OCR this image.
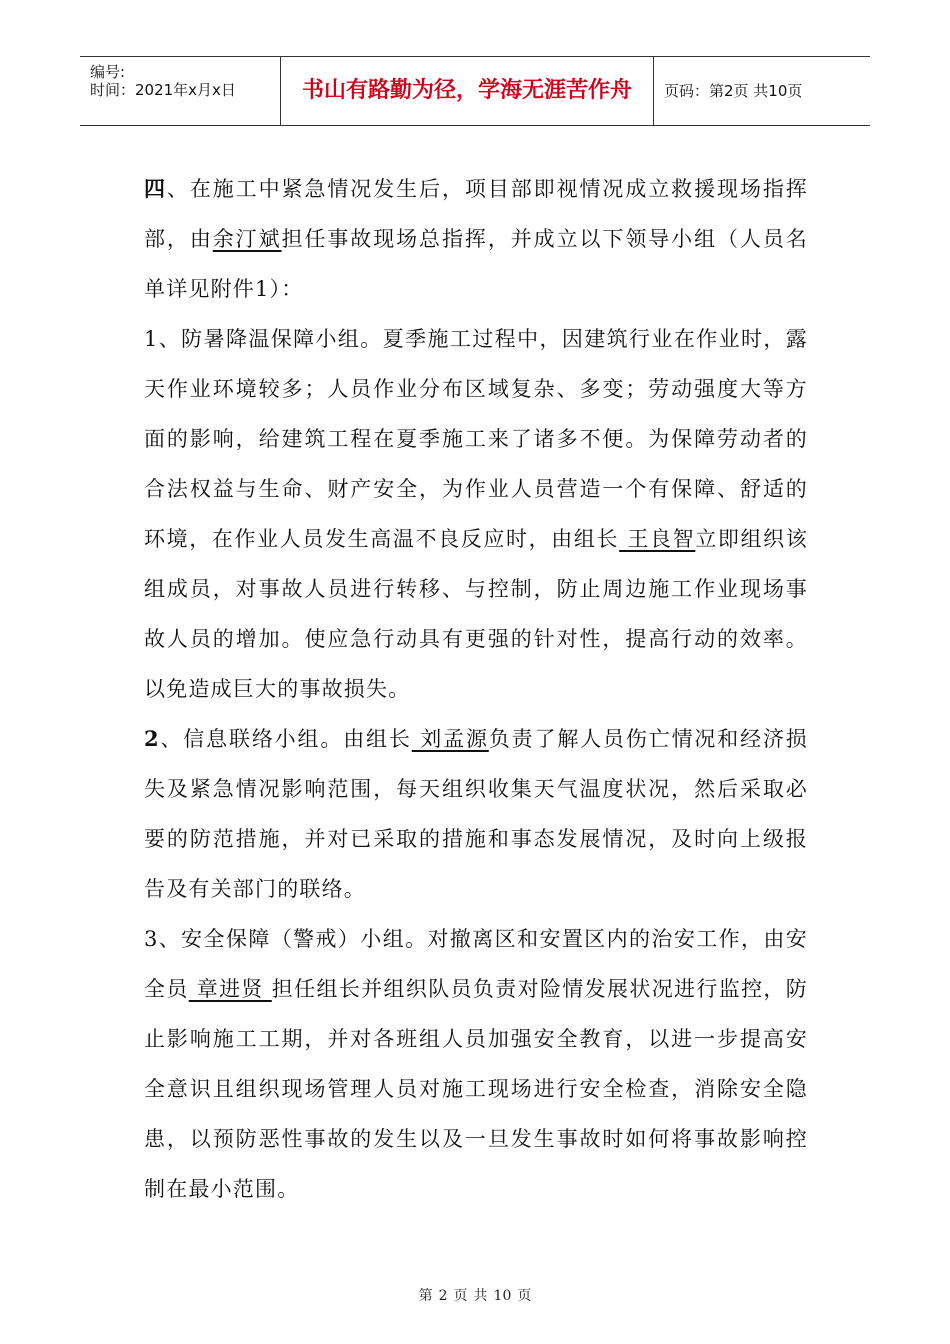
编号:
时间：2021年x月x日	书山有路勤为径，学海无涯苦作舟	页码：第2页 共10页

四、在施工中紧急情况发生后，项目部即视情况成立救援现场指挥部，由余汀斌担任事故现场总指挥，并成立以下领导小组（人员名单详见附件1）：

1、防暑降温保障小组。夏季施工过程中，因建筑行业在作业时，露天作业环境较多；人员作业分布区域复杂、多变；劳动强度大等方面的影响，给建筑工程在夏季施工来了诸多不便。为保障劳动者的合法权益与生命、财产安全，为作业人员营造一个有保障、舒适的环境，在作业人员发生高温不良反应时，由组长 王良智立即组织该组成员，对事故人员进行转移、与控制，防止周边施工作业现场事故人员的增加。使应急行动具有更强的针对性，提高行动的效率。以免造成巨大的事故损失。

2、信息联络小组。由组长 刘孟源负责了解人员伤亡情况和经济损失及紧急情况影响范围，每天组织收集天气温度状况，然后采取必要的防范措施，并对已采取的措施和事态发展情况，及时向上级报告及有关部门的联络。

3、安全保障（警戒）小组。对撤离区和安置区内的治安工作，由安全员 章进贤 担任组长并组织队员负责对险情发展状况进行监控，防止影响施工工期，并对各班组人员加强安全教育，以进一步提高安全意识且组织现场管理人员对施工现场进行安全检查，消除安全隐患，以预防恶性事故的发生以及一旦发生事故时如何将事故影响控制在最小范围。

第 2 页 共 10 页
